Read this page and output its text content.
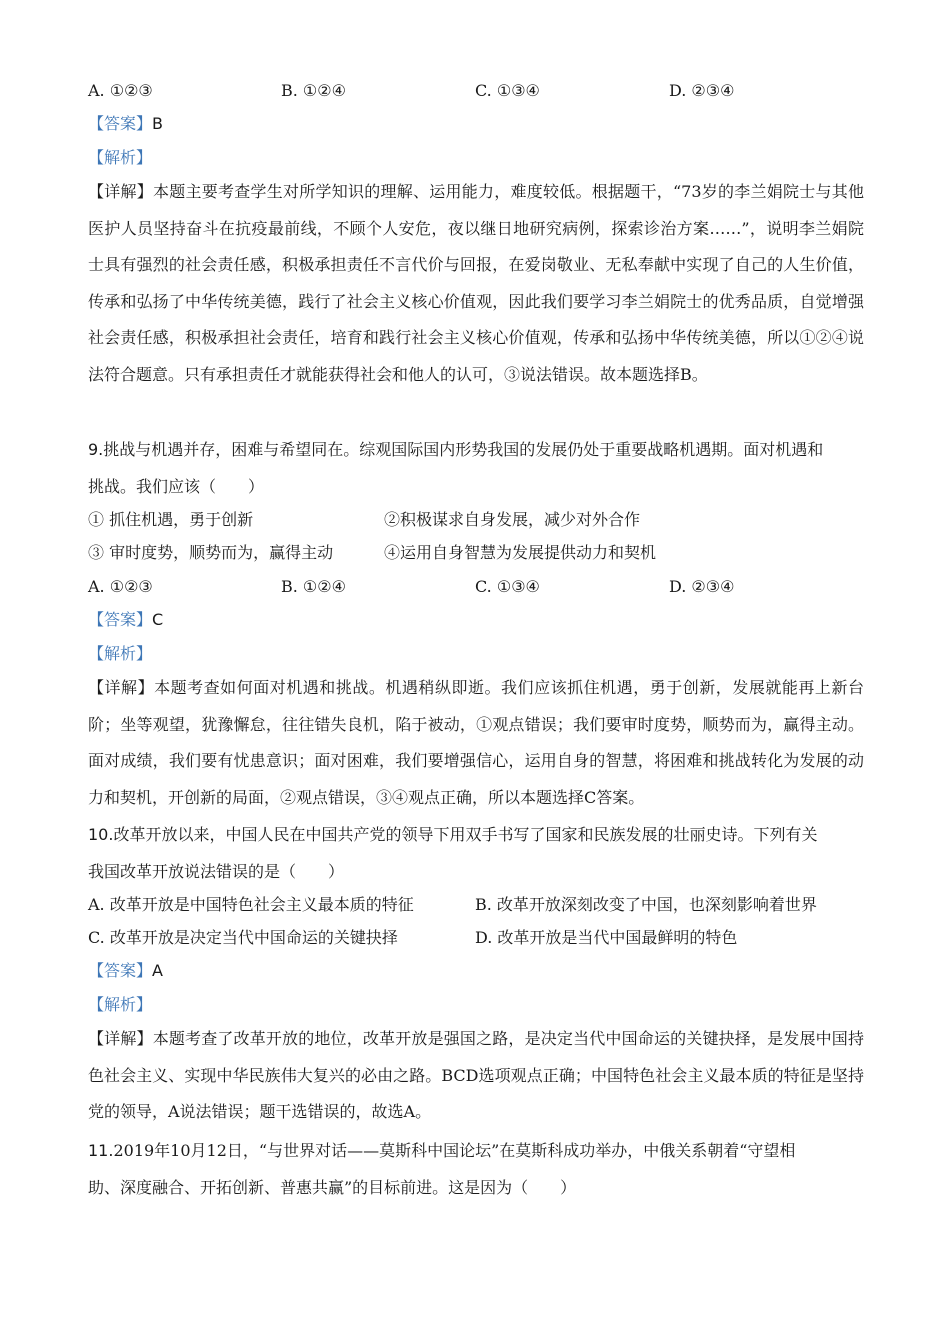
A. ①②③	B. ①②④	C. ①③④	D. ②③④
【答案】B
【解析】
【详解】本题主要考查学生对所学知识的理解、运用能力，难度较低。根据题干，“73岁的李兰娟院士与其他医护人员坚持奋斗在抗疫最前线，不顾个人安危，夜以继日地研究病例，探索诊治方案……”，说明李兰娟院士具有强烈的社会责任感，积极承担责任不言代价与回报，在爱岗敬业、无私奉献中实现了自己的人生价值，传承和弘扬了中华传统美德，践行了社会主义核心价值观，因此我们要学习李兰娟院士的优秀品质，自觉增强社会责任感，积极承担社会责任，培育和践行社会主义核心价值观，传承和弘扬中华传统美德，所以①②④说法符合题意。只有承担责任才就能获得社会和他人的认可，③说法错误。故本题选择B。
9.挑战与机遇并存，困难与希望同在。综观国际国内形势我国的发展仍处于重要战略机遇期。面对机遇和
挑战。我们应该（　　）
① 抓住机遇，勇于创新	②积极谋求自身发展，减少对外合作
③ 审时度势，顺势而为，赢得主动	④运用自身智慧为发展提供动力和契机
A. ①②③	B. ①②④	C. ①③④	D. ②③④
【答案】C
【解析】
【详解】本题考查如何面对机遇和挑战。机遇稍纵即逝。我们应该抓住机遇，勇于创新，发展就能再上新台阶；坐等观望，犹豫懈怠，往往错失良机，陷于被动，①观点错误；我们要审时度势，顺势而为，赢得主动。面对成绩，我们要有忧患意识；面对困难，我们要增强信心，运用自身的智慧，将困难和挑战转化为发展的动力和契机，开创新的局面，②观点错误，③④观点正确，所以本题选择C答案。
10.改革开放以来，中国人民在中国共产党的领导下用双手书写了国家和民族发展的壮丽史诗。下列有关
我国改革开放说法错误的是（　　）
A. 改革开放是中国特色社会主义最本质的特征	B. 改革开放深刻改变了中国，也深刻影响着世界
C. 改革开放是决定当代中国命运的关键抉择	D. 改革开放是当代中国最鲜明的特色
【答案】A
【解析】
【详解】本题考查了改革开放的地位，改革开放是强国之路，是决定当代中国命运的关键抉择，是发展中国持色社会主义、实现中华民族伟大复兴的必由之路。BCD选项观点正确；中国特色社会主义最本质的特征是坚持党的领导，A说法错误；题干选错误的，故选A。
11.2019年10月12日，“与世界对话——莫斯科中国论坛”在莫斯科成功举办，中俄关系朝着“守望相
助、深度融合、开拓创新、普惠共赢”的目标前进。这是因为（　　）
